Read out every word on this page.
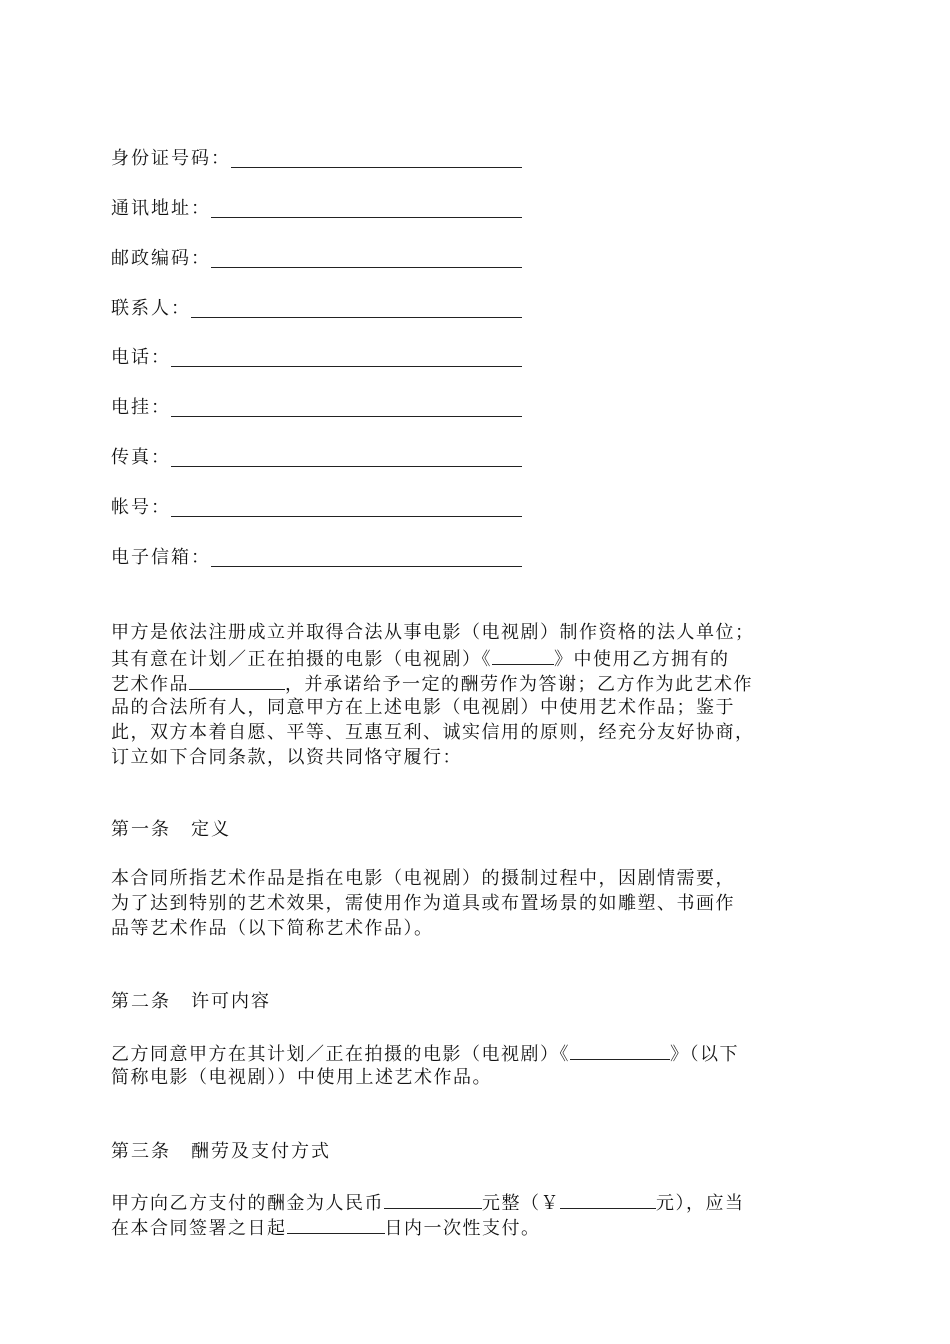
身份证号码：
通讯地址：
邮政编码：
联系人：
电话：
电挂：
传真：
帐号：
电子信箱：
甲方是依法注册成立并取得合法从事电影（电视剧）制作资格的法人单位；
其有意在计划／正在拍摄的电影（电视剧）《	》中使用乙方拥有的
艺术作品	，并承诺给予一定的酬劳作为答谢；乙方作为此艺术作
品的合法所有人，同意甲方在上述电影（电视剧）中使用艺术作品；鉴于
此，双方本着自愿、平等、互惠互利、诚实信用的原则，经充分友好协商，
订立如下合同条款，以资共同恪守履行：
第一条　定义
本合同所指艺术作品是指在电影（电视剧）的摄制过程中，因剧情需要，
为了达到特别的艺术效果，需使用作为道具或布置场景的如雕塑、书画作
品等艺术作品（以下简称艺术作品）。
第二条　许可内容
乙方同意甲方在其计划／正在拍摄的电影（电视剧）《	》（以下
简称电影（电视剧））中使用上述艺术作品。
第三条　酬劳及支付方式
甲方向乙方支付的酬金为人民币	元整（￥	元），应当
在本合同签署之日起	日内一次性支付。
